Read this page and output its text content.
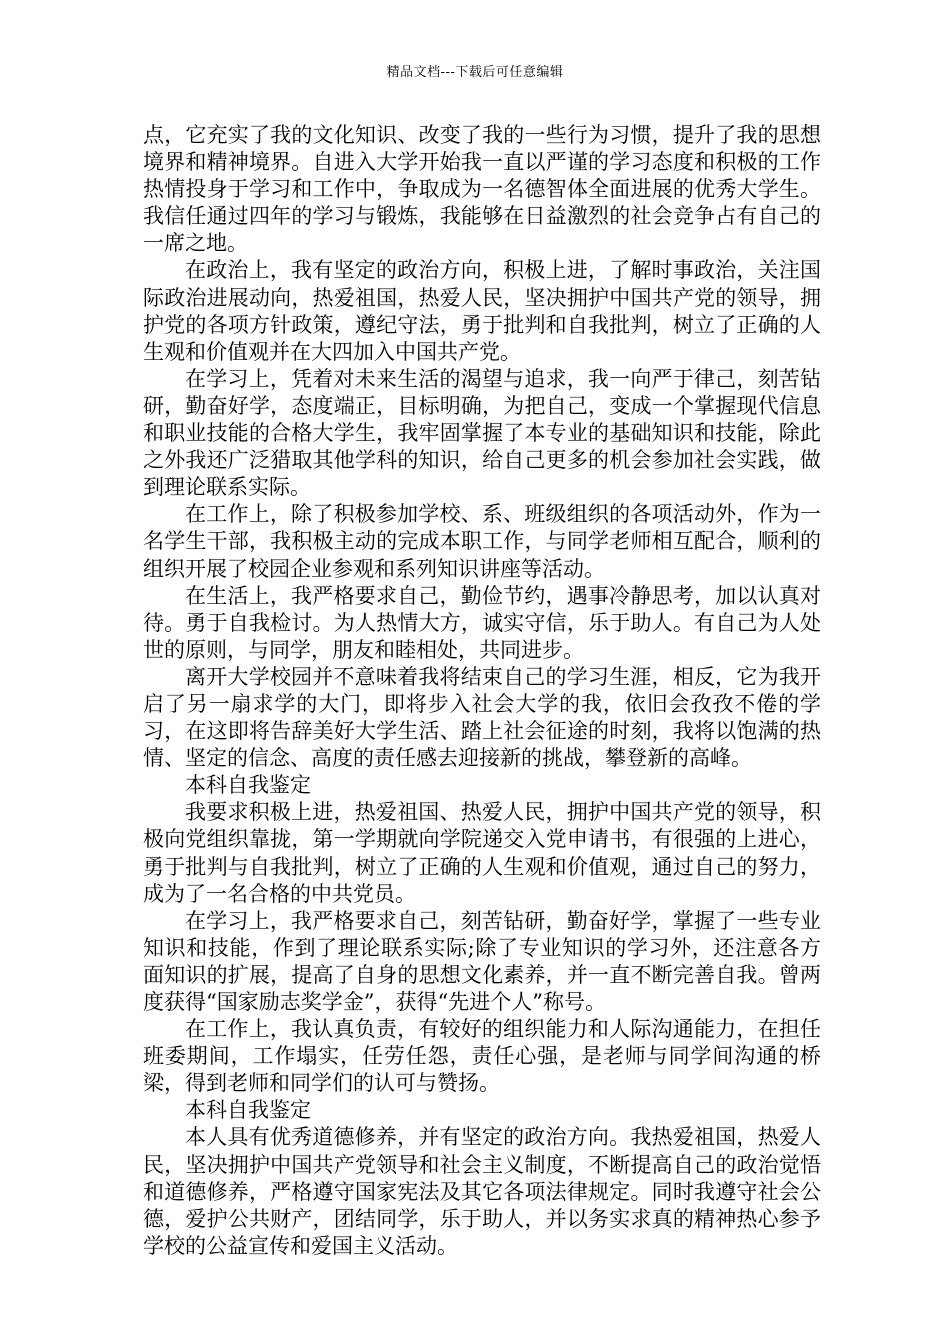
精品文档---下载后可任意编辑

点，它充实了我的文化知识、改变了我的一些行为习惯，提升了我的思想境界和精神境界。自进入大学开始我一直以严谨的学习态度和积极的工作热情投身于学习和工作中，争取成为一名德智体全面进展的优秀大学生。我信任通过四年的学习与锻炼，我能够在日益激烈的社会竞争占有自己的一席之地。

在政治上，我有坚定的政治方向，积极上进，了解时事政治，关注国际政治进展动向，热爱祖国，热爱人民，坚决拥护中国共产党的领导，拥护党的各项方针政策，遵纪守法，勇于批判和自我批判，树立了正确的人生观和价值观并在大四加入中国共产党。

在学习上，凭着对未来生活的渴望与追求，我一向严于律己，刻苦钻研，勤奋好学，态度端正，目标明确，为把自己，变成一个掌握现代信息和职业技能的合格大学生，我牢固掌握了本专业的基础知识和技能，除此之外我还广泛猎取其他学科的知识，给自己更多的机会参加社会实践，做到理论联系实际。

在工作上，除了积极参加学校、系、班级组织的各项活动外，作为一名学生干部，我积极主动的完成本职工作，与同学老师相互配合，顺利的组织开展了校园企业参观和系列知识讲座等活动。

在生活上，我严格要求自己，勤俭节约，遇事冷静思考，加以认真对待。勇于自我检讨。为人热情大方，诚实守信，乐于助人。有自己为人处世的原则，与同学，朋友和睦相处，共同进步。

离开大学校园并不意味着我将结束自己的学习生涯，相反，它为我开启了另一扇求学的大门，即将步入社会大学的我，依旧会孜孜不倦的学习，在这即将告辞美好大学生活、踏上社会征途的时刻，我将以饱满的热情、坚定的信念、高度的责任感去迎接新的挑战，攀登新的高峰。

本科自我鉴定

我要求积极上进，热爱祖国、热爱人民，拥护中国共产党的领导，积极向党组织靠拢，第一学期就向学院递交入党申请书，有很强的上进心，勇于批判与自我批判，树立了正确的人生观和价值观，通过自己的努力，成为了一名合格的中共党员。

在学习上，我严格要求自己，刻苦钻研，勤奋好学，掌握了一些专业知识和技能，作到了理论联系实际;除了专业知识的学习外，还注意各方面知识的扩展，提高了自身的思想文化素养，并一直不断完善自我。曾两度获得“国家励志奖学金”，获得“先进个人”称号。

在工作上，我认真负责，有较好的组织能力和人际沟通能力，在担任班委期间，工作塌实，任劳任怨，责任心强，是老师与同学间沟通的桥梁，得到老师和同学们的认可与赞扬。

本科自我鉴定

本人具有优秀道德修养，并有坚定的政治方向。我热爱祖国，热爱人民，坚决拥护中国共产党领导和社会主义制度，不断提高自己的政治觉悟和道德修养，严格遵守国家宪法及其它各项法律规定。同时我遵守社会公德，爱护公共财产，团结同学，乐于助人，并以务实求真的精神热心参予学校的公益宣传和爱国主义活动。
